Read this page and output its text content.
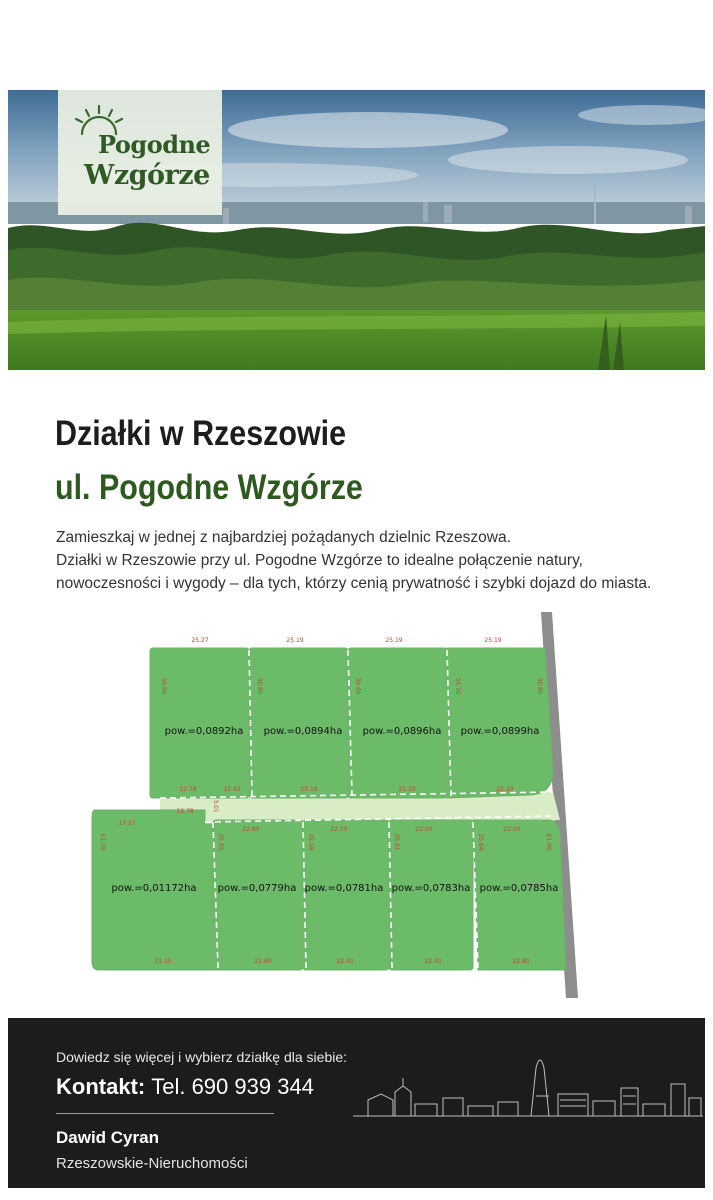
Pogodne
Wzgórze
Działki w Rzeszowie
ul. Pogodne Wzgórze

Zamieszkaj w jednej z najbardziej pożądanych dzielnic Rzeszowa.

Działki w Rzeszowie przy ul. Pogodne Wzgórze to idealne połączenie natury,

nowoczesności i wygody – dla tych, którzy cenią prywatność i szybki dojazd do miasta.

pow.=0,0892ha pow.=0,0894ha pow.=0,0896ha pow.=0,0899ha
pow.=0,01172ha pow.=0,0779ha pow.=0,0781ha pow.=0,0783ha pow.=0,0785ha
25.27	25.19	25.19	25.19
30.90	30.80	30.60	35.70	30.80
12.78	12.42	25.19	25.19	25.19
12.78	3.01
17.57
22.80	22.00	22.00	22.00
61.19	35.55	35.58	35.61	35.64	61.99
31.35	22.80	22.00	22.00	22.80
Dowiedz się więcej i wybierz działkę dla siebie:
Kontakt: Tel. 690 939 344
Dawid Cyran
Rzeszowskie-Nieruchomości
